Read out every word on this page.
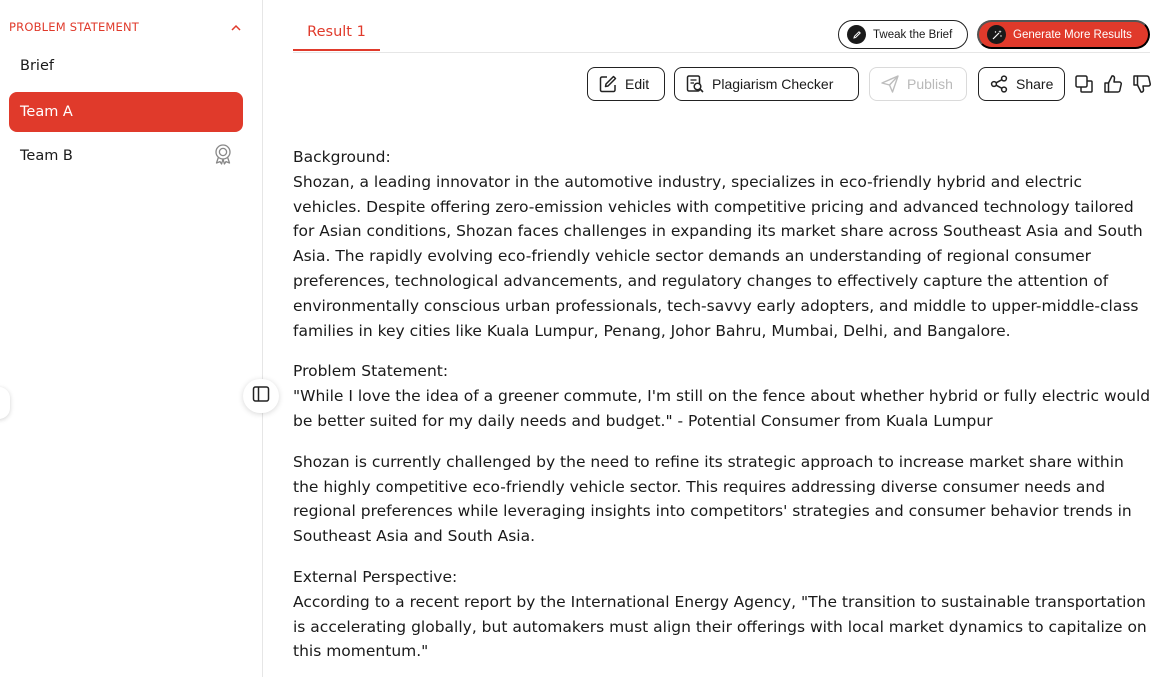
PROBLEM STATEMENT
Brief
Team A
Team B
Result 1	Tweak the Brief	Generate More Results
Edit	Plagiarism Checker	Publish	Share

Background:

Shozan, a leading innovator in the automotive industry, specializes in eco-friendly hybrid and electric vehicles. Despite offering zero-emission vehicles with competitive pricing and advanced technology tailored for Asian conditions, Shozan faces challenges in expanding its market share across Southeast Asia and South Asia. The rapidly evolving eco-friendly vehicle sector demands an understanding of regional consumer preferences, technological advancements, and regulatory changes to effectively capture the attention of environmentally conscious urban professionals, tech-savvy early adopters, and middle to upper-middle-class families in key cities like Kuala Lumpur, Penang, Johor Bahru, Mumbai, Delhi, and Bangalore.

Problem Statement:

"While I love the idea of a greener commute, I'm still on the fence about whether hybrid or fully electric would be better suited for my daily needs and budget." - Potential Consumer from Kuala Lumpur

Shozan is currently challenged by the need to refine its strategic approach to increase market share within the highly competitive eco-friendly vehicle sector. This requires addressing diverse consumer needs and regional preferences while leveraging insights into competitors' strategies and consumer behavior trends in Southeast Asia and South Asia.

External Perspective:

According to a recent report by the International Energy Agency, "The transition to sustainable transportation is accelerating globally, but automakers must align their offerings with local market dynamics to capitalize on this momentum."
